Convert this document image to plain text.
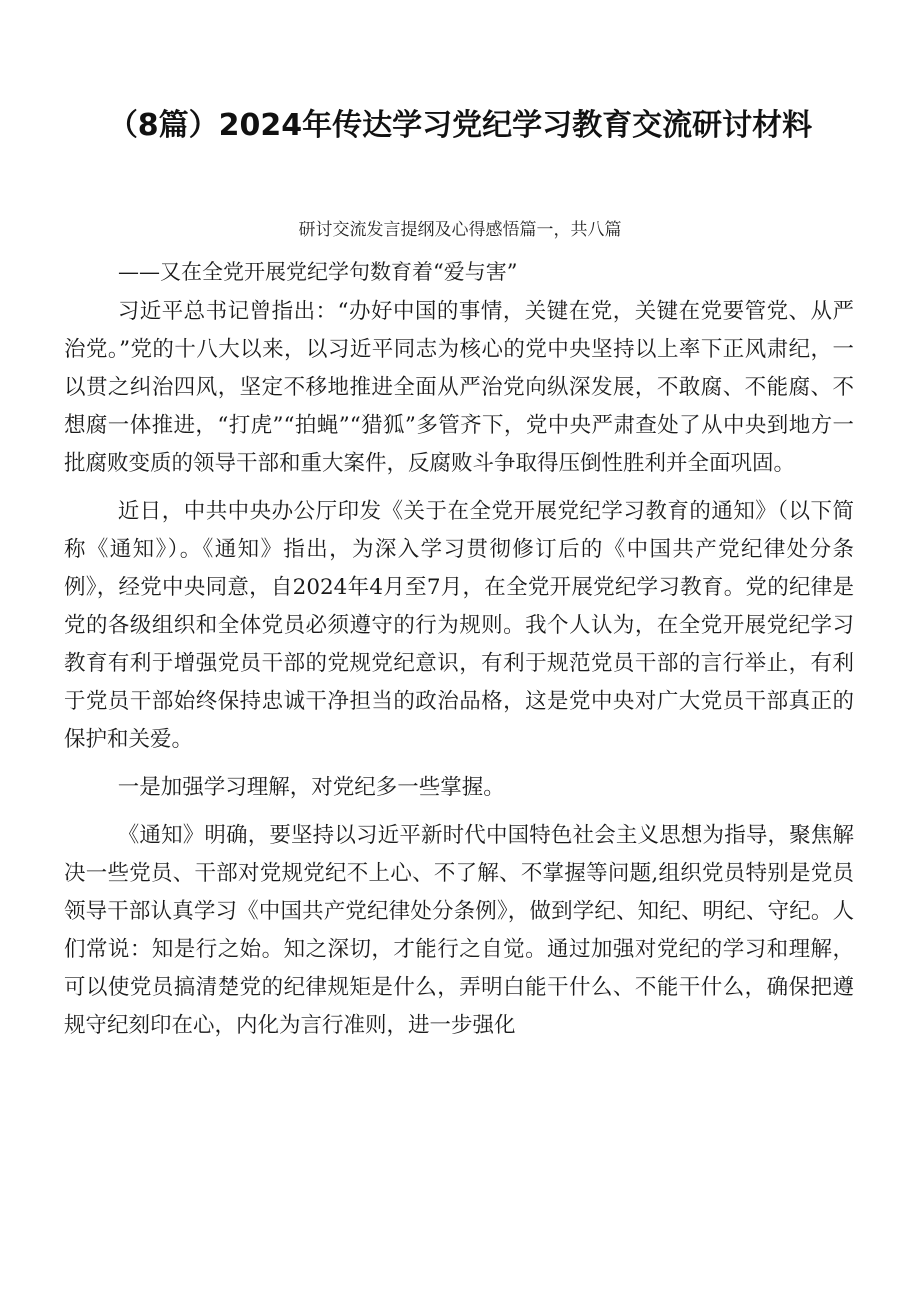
（8篇）2024年传达学习党纪学习教育交流研讨材料
研讨交流发言提纲及心得感悟篇一，共八篇
——又在全党开展党纪学句数育着“爱与害”

习近平总书记曾指出：“办好中国的事情，关键在党，关键在党要管党、从严治党。”党的十八大以来，以习近平同志为核心的党中央坚持以上率下正风肃纪，一以贯之纠治四风，坚定不移地推进全面从严治党向纵深发展，不敢腐、不能腐、不想腐一体推进，“打虎”“拍蝇”“猎狐”多管齐下，党中央严肃查处了从中央到地方一批腐败变质的领导干部和重大案件，反腐败斗争取得压倒性胜利并全面巩固。

近日，中共中央办公厅印发《关于在全党开展党纪学习教育的通知》（以下简称《通知》）。《通知》指出，为深入学习贯彻修订后的《中国共产党纪律处分条例》，经党中央同意，自2024年4月至7月，在全党开展党纪学习教育。党的纪律是党的各级组织和全体党员必须遵守的行为规则。我个人认为，在全党开展党纪学习教育有利于增强党员干部的党规党纪意识，有利于规范党员干部的言行举止，有利于党员干部始终保持忠诚干净担当的政治品格，这是党中央对广大党员干部真正的保护和关爱。

一是加强学习理解，对党纪多一些掌握。

《通知》明确，要坚持以习近平新时代中国特色社会主义思想为指导，聚焦解决一些党员、干部对党规党纪不上心、不了解、不掌握等问题,组织党员特别是党员领导干部认真学习《中国共产党纪律处分条例》，做到学纪、知纪、明纪、守纪。人们常说：知是行之始。知之深切，才能行之自觉。通过加强对党纪的学习和理解，可以使党员搞清楚党的纪律规矩是什么，弄明白能干什么、不能干什么，确保把遵规守纪刻印在心，内化为言行准则，进一步强化
